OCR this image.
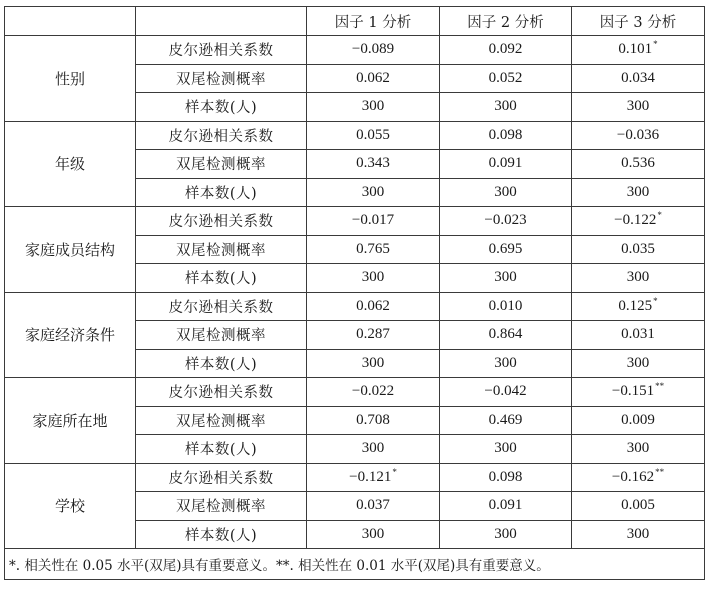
		因子 1 分析	因子 2 分析	因子 3 分析
性别	皮尔逊相关系数	−0.089	0.092	0.101*
	双尾检测概率	0.062	0.052	0.034
	样本数(人)	300	300	300
年级	皮尔逊相关系数	0.055	0.098	−0.036
	双尾检测概率	0.343	0.091	0.536
	样本数(人)	300	300	300
家庭成员结构	皮尔逊相关系数	−0.017	−0.023	−0.122*
	双尾检测概率	0.765	0.695	0.035
	样本数(人)	300	300	300
家庭经济条件	皮尔逊相关系数	0.062	0.010	0.125*
	双尾检测概率	0.287	0.864	0.031
	样本数(人)	300	300	300
家庭所在地	皮尔逊相关系数	−0.022	−0.042	−0.151**
	双尾检测概率	0.708	0.469	0.009
	样本数(人)	300	300	300
学校	皮尔逊相关系数	−0.121*	0.098	−0.162**
	双尾检测概率	0.037	0.091	0.005
	样本数(人)	300	300	300
*. 相关性在 0.05 水平(双尾)具有重要意义。**. 相关性在 0.01 水平(双尾)具有重要意义。				
